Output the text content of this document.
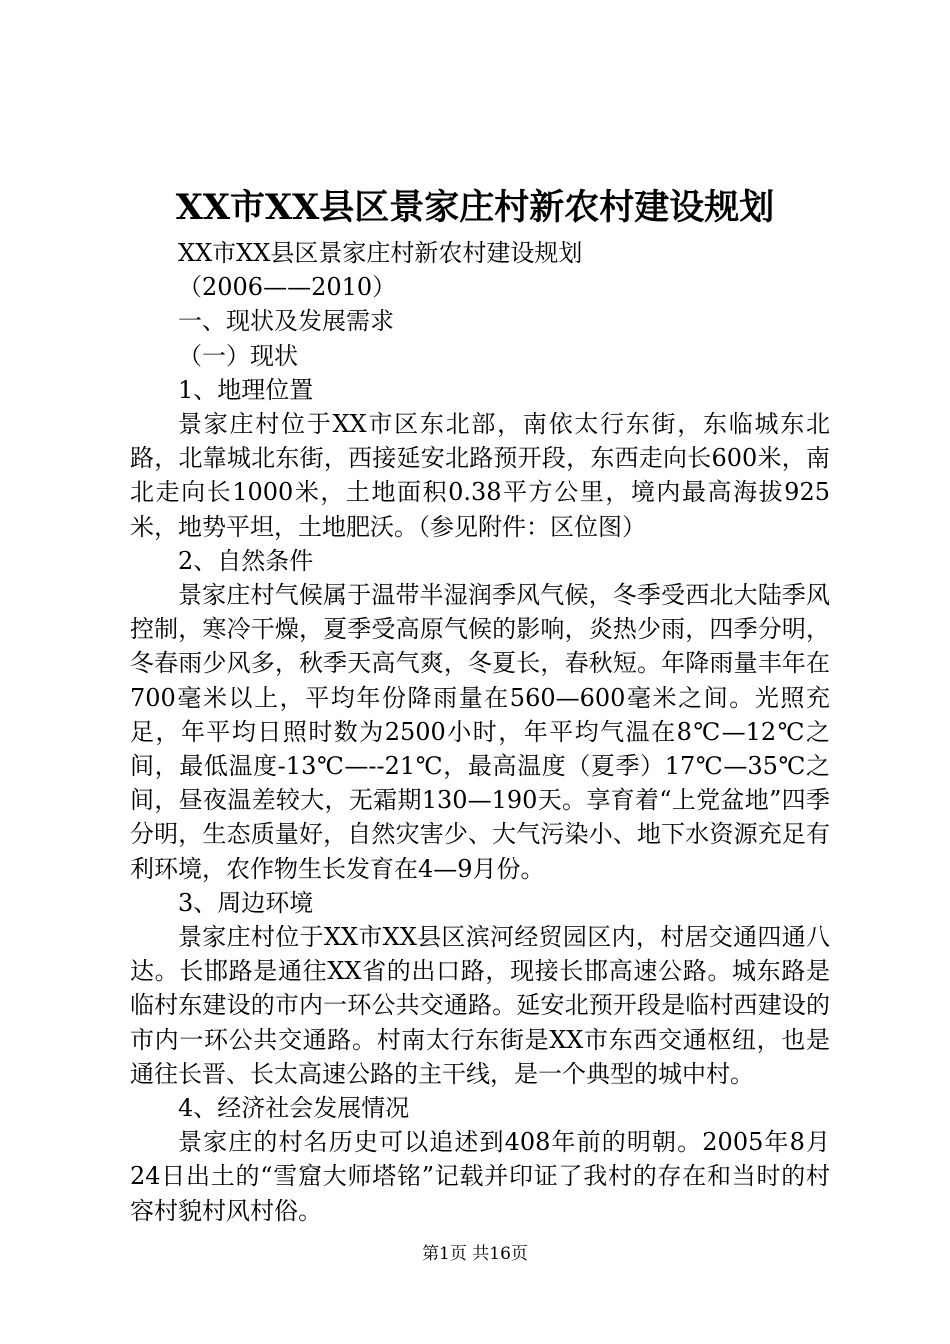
XX市XX县区景家庄村新农村建设规划
XX市XX县区景家庄村新农村建设规划
（2006——2010）
一、现状及发展需求
（一）现状
1、地理位置

景家庄村位于XX市区东北部，南依太行东街，东临城东北路，北靠城北东街，西接延安北路预开段，东西走向长600米，南北走向长1000米，土地面积0.38平方公里，境内最高海拔925米，地势平坦，土地肥沃。（参见附件：区位图）

2、自然条件

景家庄村气候属于温带半湿润季风气候，冬季受西北大陆季风控制，寒冷干燥，夏季受高原气候的影响，炎热少雨，四季分明，冬春雨少风多，秋季天高气爽，冬夏长，春秋短。年降雨量丰年在700毫米以上，平均年份降雨量在560—600毫米之间。光照充足，年平均日照时数为2500小时，年平均气温在8℃—12℃之间，最低温度-13℃—--21℃，最高温度（夏季）17℃—35℃之间，昼夜温差较大，无霜期130—190天。享育着“上党盆地”四季分明，生态质量好，自然灾害少、大气污染小、地下水资源充足有利环境，农作物生长发育在4—9月份。

3、周边环境

景家庄村位于XX市XX县区滨河经贸园区内，村居交通四通八达。长邯路是通往XX省的出口路，现接长邯高速公路。城东路是临村东建设的市内一环公共交通路。延安北预开段是临村西建设的市内一环公共交通路。村南太行东街是XX市东西交通枢纽，也是通往长晋、长太高速公路的主干线，是一个典型的城中村。

4、经济社会发展情况

景家庄的村名历史可以追述到408年前的明朝。2005年8月24日出土的“雪窟大师塔铭”记载并印证了我村的存在和当时的村容村貌村风村俗。

第1页 共16页
